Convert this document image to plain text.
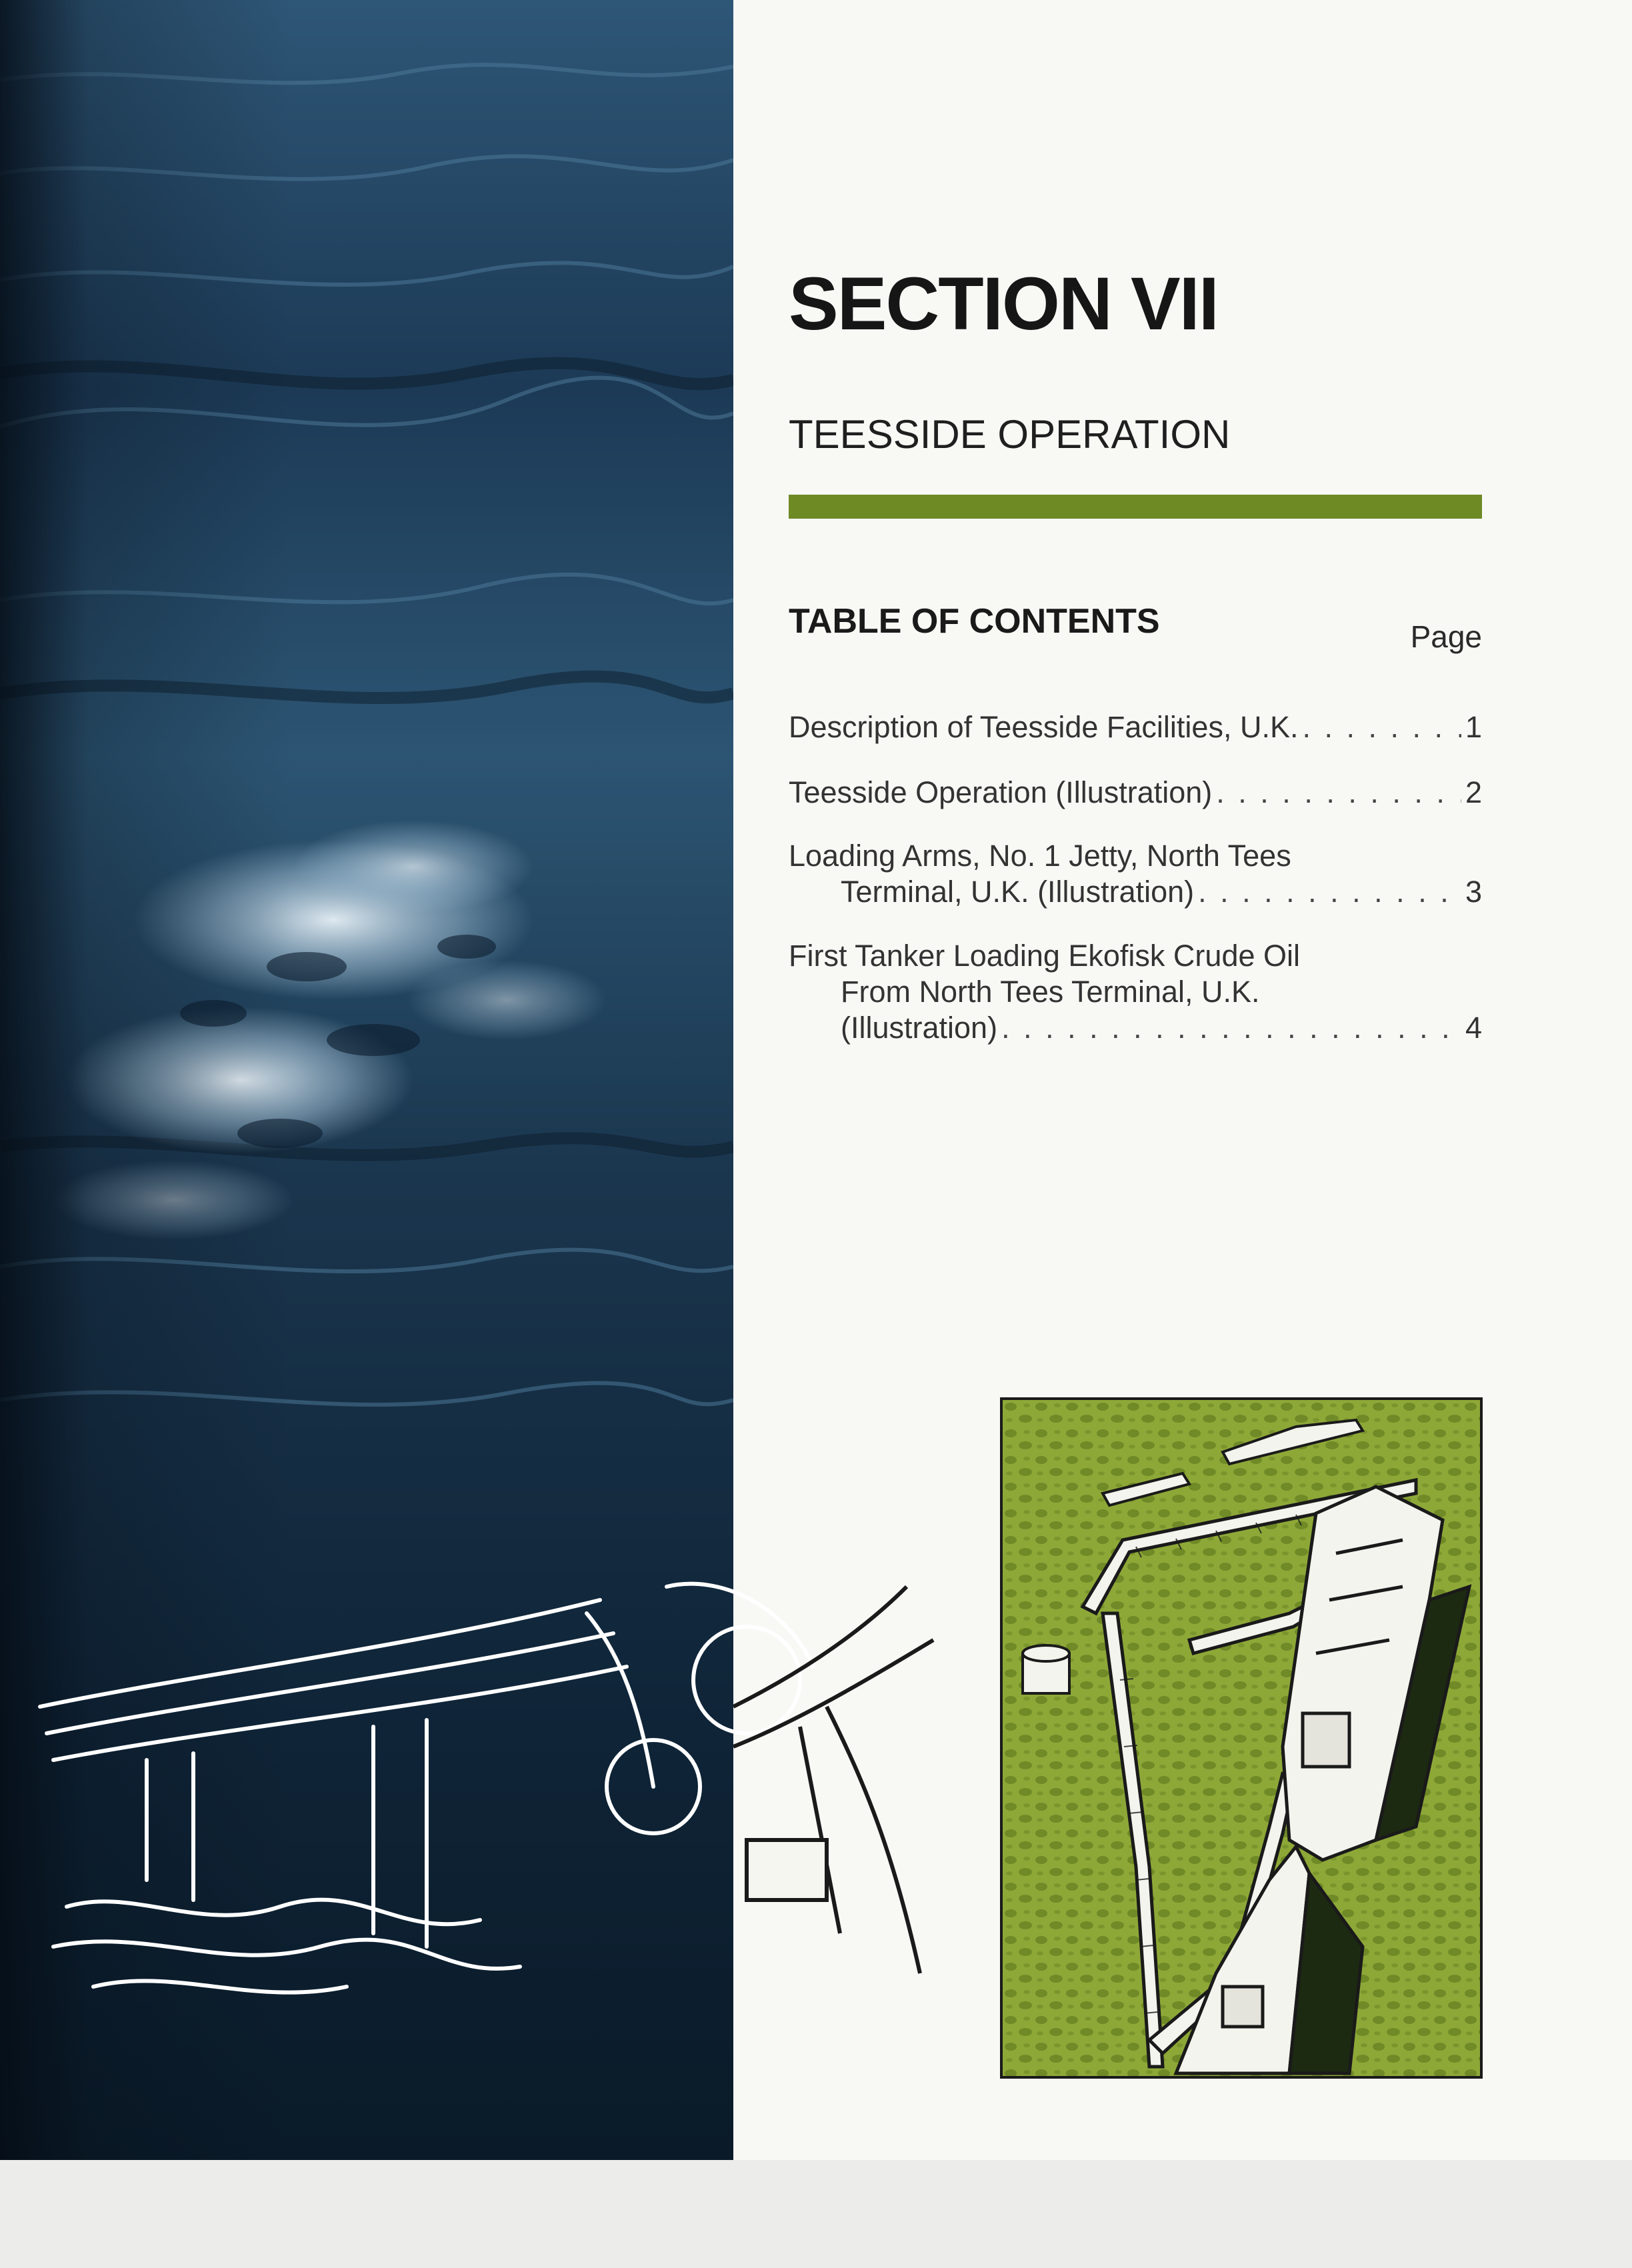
SECTION VII
TEESSIDE OPERATION
TABLE OF CONTENTS	Page
Description of Teesside Facilities, U.K. . . .	1
Teesside Operation (Illustration) . . .	2
Loading Arms, No. 1 Jetty, North Tees
Terminal, U.K. (Illustration) . . .	3
First Tanker Loading Ekofisk Crude Oil
From North Tees Terminal, U.K.
(Illustration) . . .	4
